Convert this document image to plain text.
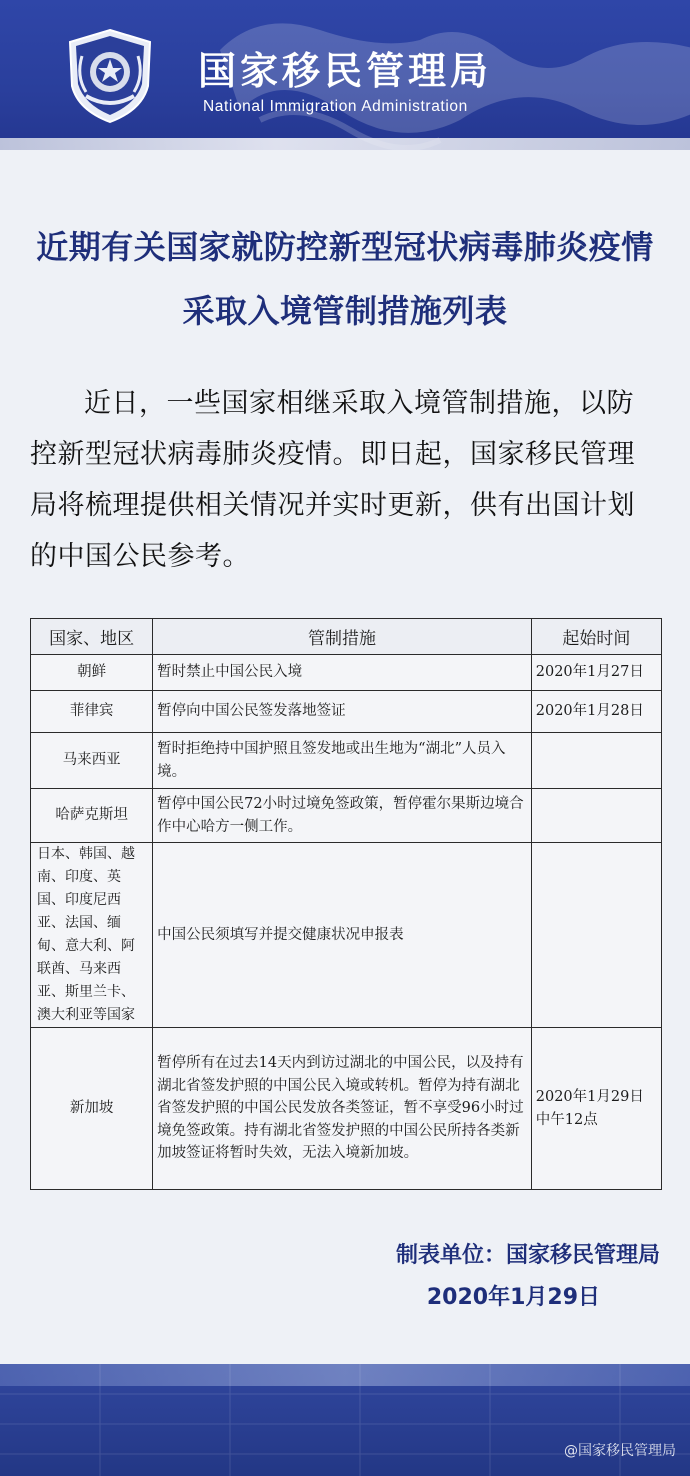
国家移民管理局
National Immigration Administration
近期有关国家就防控新型冠状病毒肺炎疫情
采取入境管制措施列表
近日，一些国家相继采取入境管制措施，以防控新型冠状病毒肺炎疫情。即日起，国家移民管理局将梳理提供相关情况并实时更新，供有出国计划的中国公民参考。
国家、地区	管制措施	起始时间
朝鲜	暂时禁止中国公民入境	2020年1月27日
菲律宾	暂停向中国公民签发落地签证	2020年1月28日
马来西亚	暂时拒绝持中国护照且签发地或出生地为“湖北”人员入境。	
哈萨克斯坦	暂停中国公民72小时过境免签政策，暂停霍尔果斯边境合作中心哈方一侧工作。	
日本、韩国、越南、印度、英国、印度尼西亚、法国、缅甸、意大利、阿联酋、马来西亚、斯里兰卡、澳大利亚等国家	中国公民须填写并提交健康状况申报表	
新加坡	暂停所有在过去14天内到访过湖北的中国公民，以及持有湖北省签发护照的中国公民入境或转机。暂停为持有湖北省签发护照的中国公民发放各类签证，暂不享受96小时过境免签政策。持有湖北省签发护照的中国公民所持各类新加坡签证将暂时失效，无法入境新加坡。	2020年1月29日中午12点
制表单位：国家移民管理局
2020年1月29日
@国家移民管理局
